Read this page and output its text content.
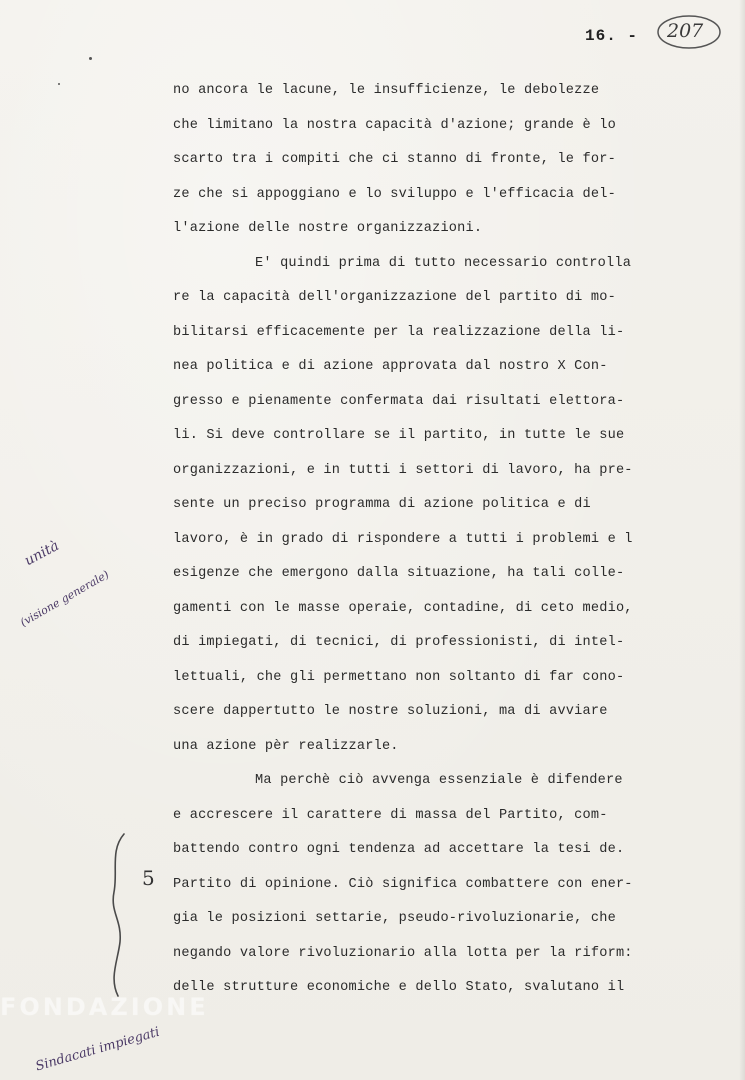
16. - 207
no ancora le lacune, le insufficienze, le debolezze
che limitano la nostra capacità d'azione; grande è lo
scarto tra i compiti che ci stanno di fronte, le for-
ze che si appoggiano e lo sviluppo e l'efficacia del-
l'azione delle nostre organizzazioni.
E' quindi prima di tutto necessario controlla
re la capacità dell'organizzazione del partito di mo-
bilitarsi efficacemente per la realizzazione della li-
nea politica e di azione approvata dal nostro X Con-
gresso e pienamente confermata dai risultati elettora-
li. Si deve controllare se il partito, in tutte le sue
organizzazioni, e in tutti i settori di lavoro, ha pre-
sente un preciso programma di azione politica e di
lavoro, è in grado di rispondere a tutti i problemi e l
esigenze che emergono dalla situazione, ha tali colle-
gamenti con le masse operaie, contadine, di ceto medio,
di impiegati, di tecnici, di professionisti, di intel-
lettuali, che gli permettano non soltanto di far cono-
scere dappertutto le nostre soluzioni, ma di avviare
una azione pèr realizzarle.
Ma perchè ciò avvenga essenziale è difendere
e accrescere il carattere di massa del Partito, com-
battendo contro ogni tendenza ad accettare la tesi de.
Partito di opinione. Ciò significa combattere con ener-
gia le posizioni settarie, pseudo-rivoluzionarie, che
negando valore rivoluzionario alla lotta per la riform:
delle strutture economiche e dello Stato, svalutano il
unità
(visione generale)
5
Sindacati impiegati
FONDAZIONE
